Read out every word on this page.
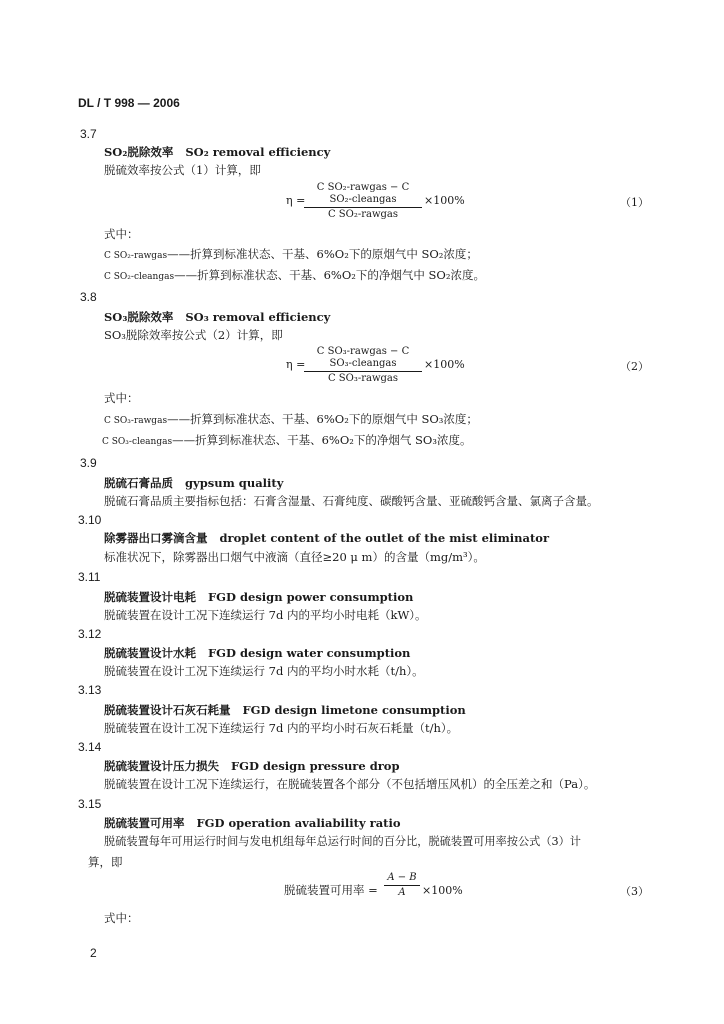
DL / T 998 — 2006
3.7
SO₂脱除效率 SO₂ removal efficiency
脱硫效率按公式（1）计算，即
η =
C SO₂-rawgas − C SO₂-cleangas
C SO₂-rawgas
×100%	（1）
式中：
C SO₂-rawgas——折算到标准状态、干基、6%O₂下的原烟气中 SO₂浓度；
C SO₂-cleangas——折算到标准状态、干基、6%O₂下的净烟气中 SO₂浓度。
3.8
SO₃脱除效率 SO₃ removal efficiency
SO₃脱除效率按公式（2）计算，即
η =
C SO₃-rawgas − C SO₃-cleangas
C SO₃-rawgas
×100%	（2）
式中：
C SO₃-rawgas——折算到标准状态、干基、6%O₂下的原烟气中 SO₃浓度；
C SO₃-cleangas——折算到标准状态、干基、6%O₂下的净烟气 SO₃浓度。
3.9
脱硫石膏品质 gypsum quality
脱硫石膏品质主要指标包括：石膏含湿量、石膏纯度、碳酸钙含量、亚硫酸钙含量、氯离子含量。
3.10
除雾器出口雾滴含量 droplet content of the outlet of the mist eliminator
标准状况下，除雾器出口烟气中液滴（直径≥20 μ m）的含量（mg/m³）。
3.11
脱硫装置设计电耗 FGD design power consumption
脱硫装置在设计工况下连续运行 7d 内的平均小时电耗（kW）。
3.12
脱硫装置设计水耗 FGD design water consumption
脱硫装置在设计工况下连续运行 7d 内的平均小时水耗（t/h）。
3.13
脱硫装置设计石灰石耗量 FGD design limetone consumption
脱硫装置在设计工况下连续运行 7d 内的平均小时石灰石耗量（t/h）。
3.14
脱硫装置设计压力损失 FGD design pressure drop
脱硫装置在设计工况下连续运行，在脱硫装置各个部分（不包括增压风机）的全压差之和（Pa）。
3.15
脱硫装置可用率 FGD operation avaliability ratio
脱硫装置每年可用运行时间与发电机组每年总运行时间的百分比，脱硫装置可用率按公式（3）计
算，即
脱硫装置可用率 =
A − B
A	×100%	（3）
式中：
2
